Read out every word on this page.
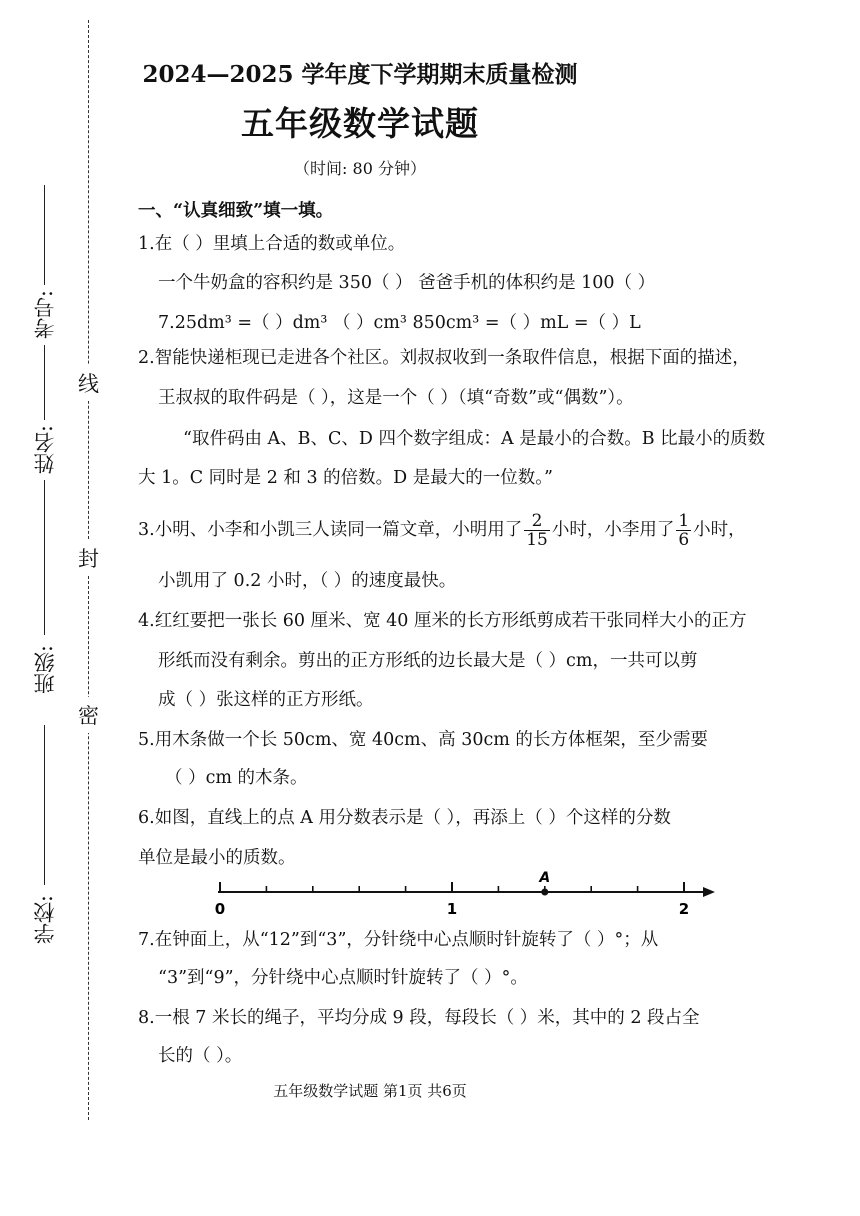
考号:
姓名:
班级:
学校:
线
封
密
2024—2025 学年度下学期期末质量检测
五年级数学试题
（时间: 80 分钟）
一、“认真细致”填一填。
1.在（ ）里填上合适的数或单位。
一个牛奶盒的容积约是 350（ ） 爸爸手机的体积约是 100（ ）
7.25dm³ =（ ）dm³ （ ）cm³ 850cm³ =（ ）mL =（ ）L
2.智能快递柜现已走进各个社区。刘叔叔收到一条取件信息，根据下面的描述，
王叔叔的取件码是（ ），这是一个（ ）（填“奇数”或“偶数”）。
“取件码由 A、B、C、D 四个数字组成：A 是最小的合数。B 比最小的质数
大 1。C 同时是 2 和 3 的倍数。D 是最大的一位数。”
3.小明、小李和小凯三人读同一篇文章，小明用了 $\frac{2}{15}$ 小时，小李用了 $\frac{1}{6}$ 小时，
小凯用了 0.2 小时，（ ）的速度最快。
4.红红要把一张长 60 厘米、宽 40 厘米的长方形纸剪成若干张同样大小的正方
形纸而没有剩余。剪出的正方形纸的边长最大是（ ）cm，一共可以剪
成（ ）张这样的正方形纸。
5.用木条做一个长 50cm、宽 40cm、高 30cm 的长方体框架，至少需要
（ ）cm 的木条。
6.如图，直线上的点 A 用分数表示是（ ），再添上（ ）个这样的分数
单位是最小的质数。
A
0	1	2
7.在钟面上，从“12”到“3”，分针绕中心点顺时针旋转了（ ）°；从
“3”到“9”，分针绕中心点顺时针旋转了（ ）°。
8.一根 7 米长的绳子，平均分成 9 段，每段长（ ）米，其中的 2 段占全
长的（ ）。
五年级数学试题 第1页 共6页
